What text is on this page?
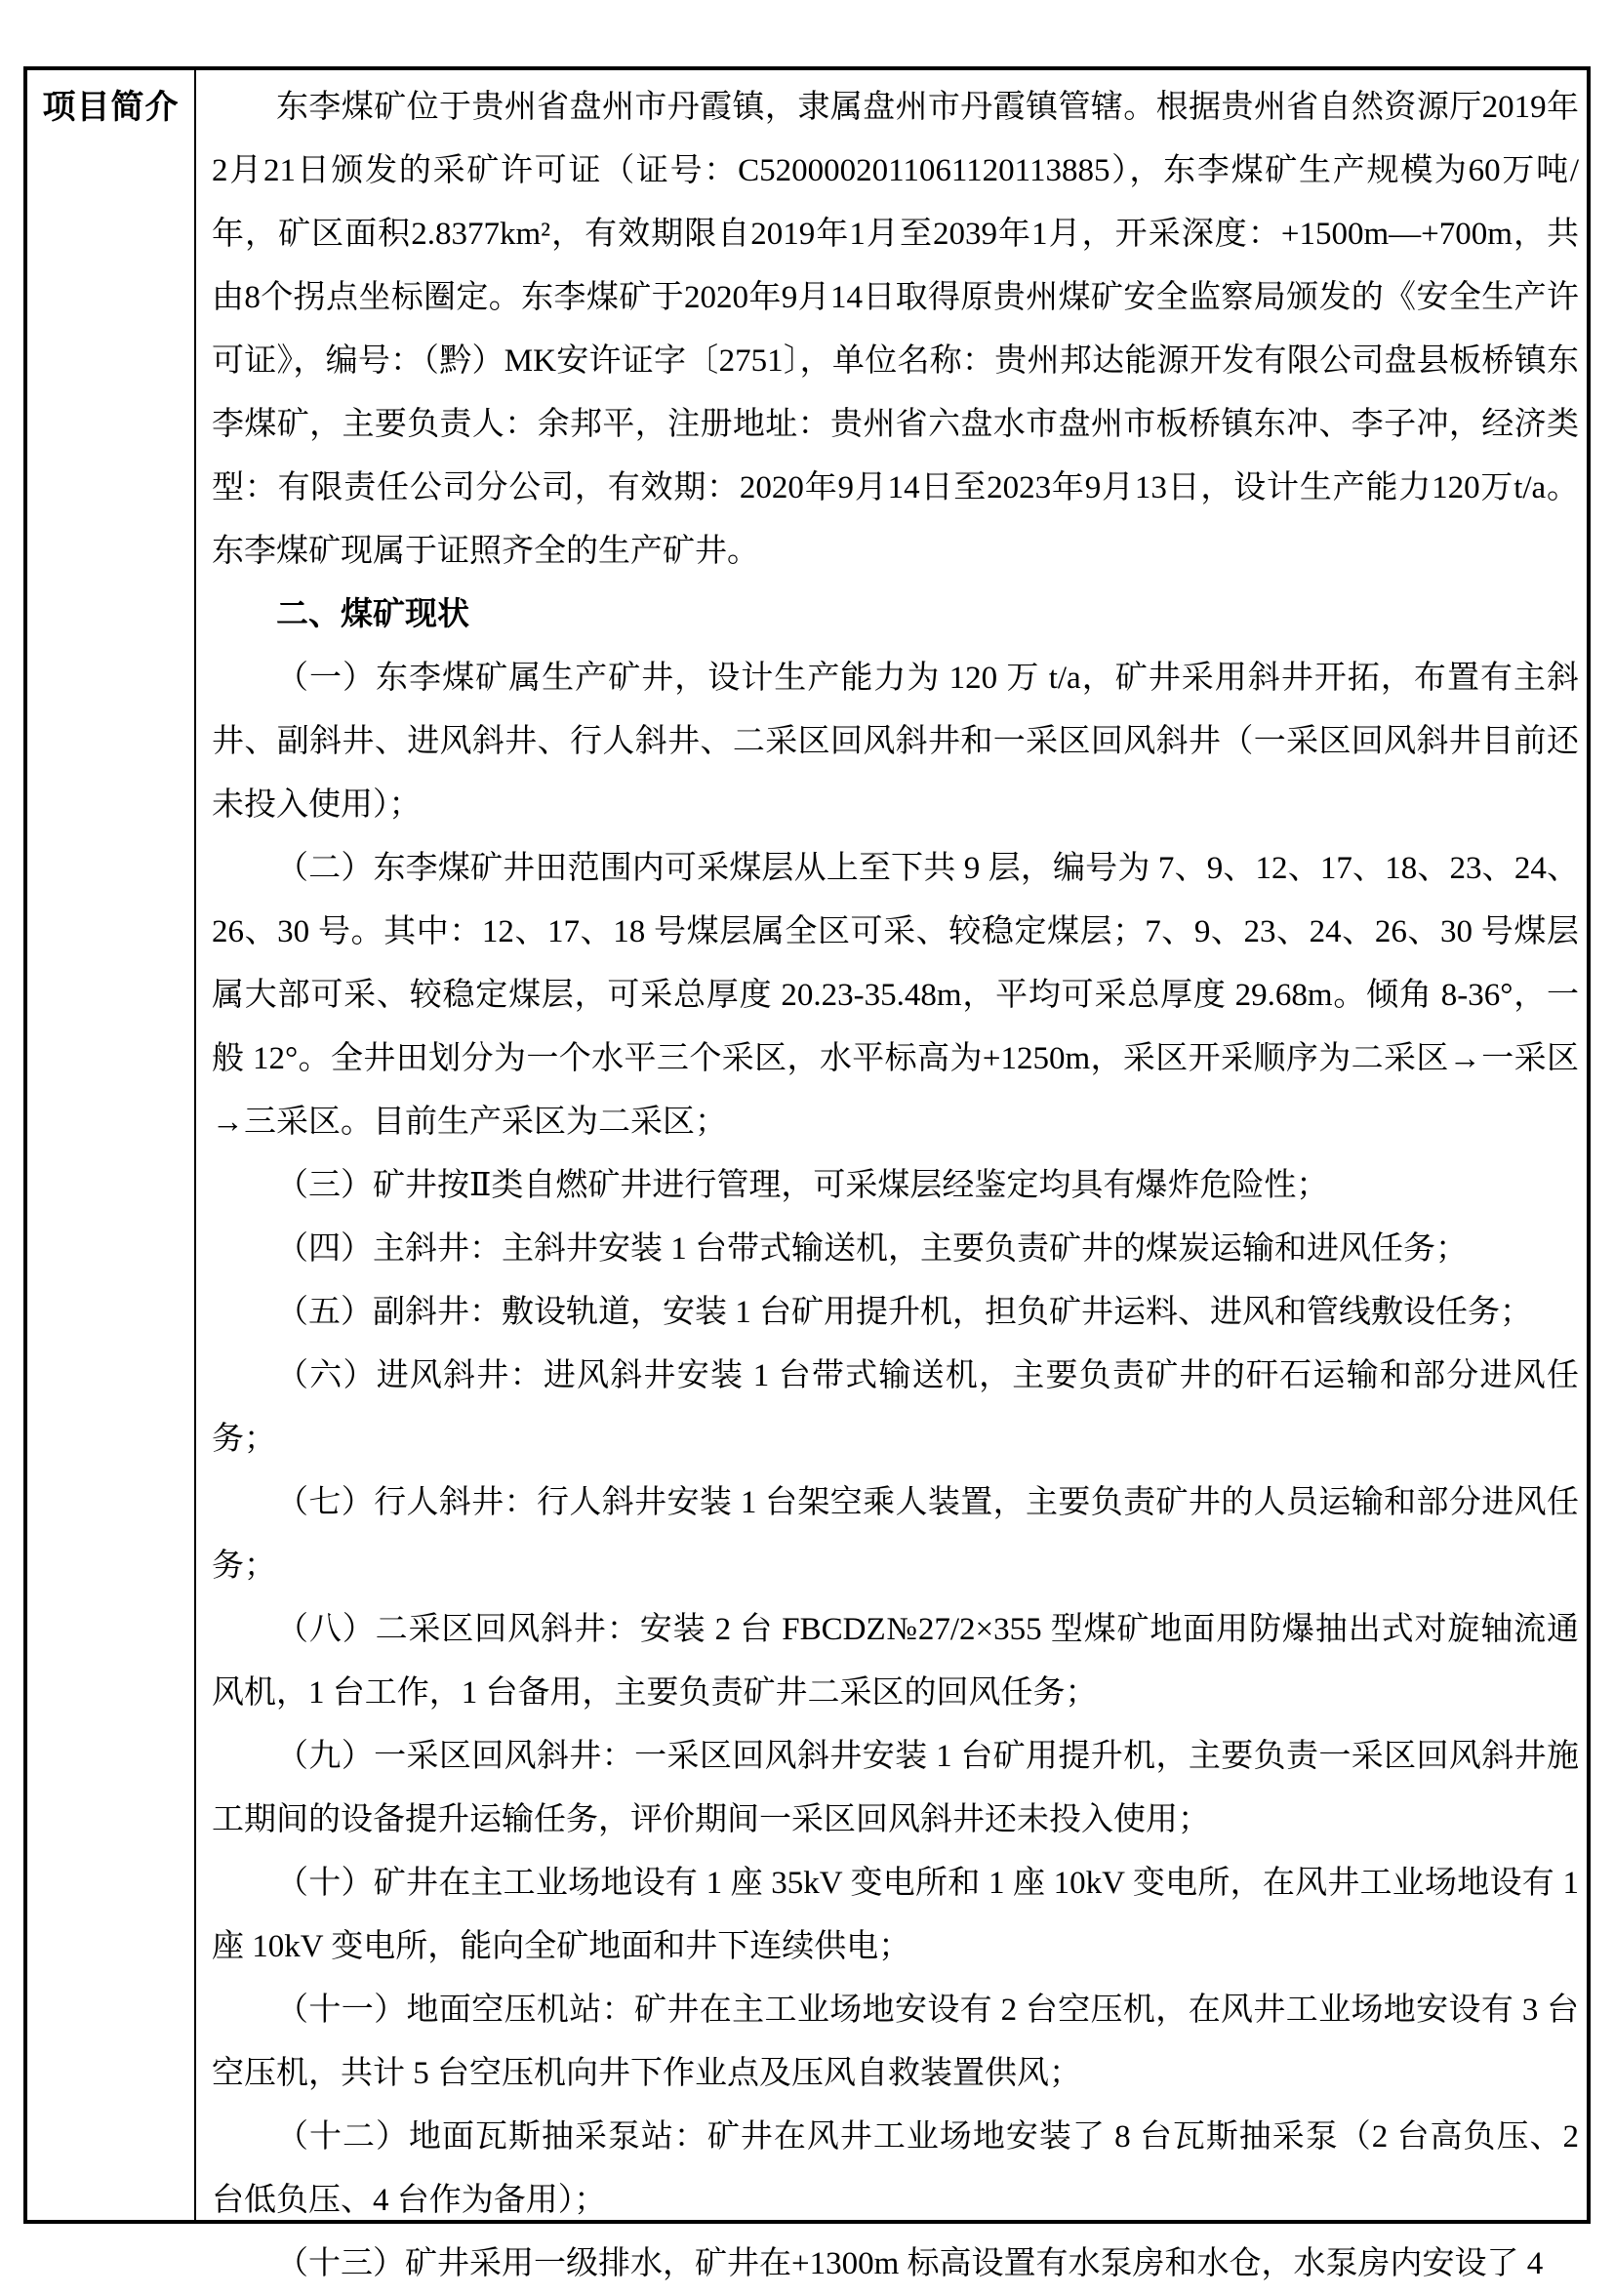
项目简介	东李煤矿位于贵州省盘州市丹霞镇，隶属盘州市丹霞镇管辖。根据贵州省自然资源厅2019年2月21日颁发的采矿许可证（证号：C5200002011061120113885），东李煤矿生产规模为60万吨/年，矿区面积2.8377km²，有效期限自2019年1月至2039年1月，开采深度：+1500m—+700m，共由8个拐点坐标圈定。东李煤矿于2020年9月14日取得原贵州煤矿安全监察局颁发的《安全生产许可证》，编号：（黔）MK安许证字〔2751〕，单位名称：贵州邦达能源开发有限公司盘县板桥镇东李煤矿，主要负责人：余邦平，注册地址：贵州省六盘水市盘州市板桥镇东冲、李子冲，经济类型：有限责任公司分公司，有效期：2020年9月14日至2023年9月13日，设计生产能力120万t/a。东李煤矿现属于证照齐全的生产矿井。

二、煤矿现状

（一）东李煤矿属生产矿井，设计生产能力为 120 万 t/a，矿井采用斜井开拓，布置有主斜井、副斜井、进风斜井、行人斜井、二采区回风斜井和一采区回风斜井（一采区回风斜井目前还未投入使用）；

（二）东李煤矿井田范围内可采煤层从上至下共 9 层，编号为 7、9、12、17、18、23、24、26、30 号。其中：12、17、18 号煤层属全区可采、较稳定煤层；7、9、23、24、26、30 号煤层属大部可采、较稳定煤层，可采总厚度 20.23-35.48m，平均可采总厚度 29.68m。倾角 8-36°，一般 12°。全井田划分为一个水平三个采区，水平标高为+1250m，采区开采顺序为二采区→一采区→三采区。目前生产采区为二采区；

（三）矿井按Ⅱ类自燃矿井进行管理，可采煤层经鉴定均具有爆炸危险性；

（四）主斜井：主斜井安装 1 台带式输送机，主要负责矿井的煤炭运输和进风任务；

（五）副斜井：敷设轨道，安装 1 台矿用提升机，担负矿井运料、进风和管线敷设任务；

（六）进风斜井：进风斜井安装 1 台带式输送机，主要负责矿井的矸石运输和部分进风任务；

（七）行人斜井：行人斜井安装 1 台架空乘人装置，主要负责矿井的人员运输和部分进风任务；

（八）二采区回风斜井：安装 2 台 FBCDZ№27/2×355 型煤矿地面用防爆抽出式对旋轴流通风机，1 台工作，1 台备用，主要负责矿井二采区的回风任务；

（九）一采区回风斜井：一采区回风斜井安装 1 台矿用提升机，主要负责一采区回风斜井施工期间的设备提升运输任务，评价期间一采区回风斜井还未投入使用；

（十）矿井在主工业场地设有 1 座 35kV 变电所和 1 座 10kV 变电所，在风井工业场地设有 1 座 10kV 变电所，能向全矿地面和井下连续供电；

（十一）地面空压机站：矿井在主工业场地安设有 2 台空压机，在风井工业场地安设有 3 台空压机，共计 5 台空压机向井下作业点及压风自救装置供风；

（十二）地面瓦斯抽采泵站：矿井在风井工业场地安装了 8 台瓦斯抽采泵（2 台高负压、2 台低负压、4 台作为备用）；

（十三）矿井采用一级排水，矿井在+1300m 标高设置有水泵房和水仓，水泵房内安设了 4
